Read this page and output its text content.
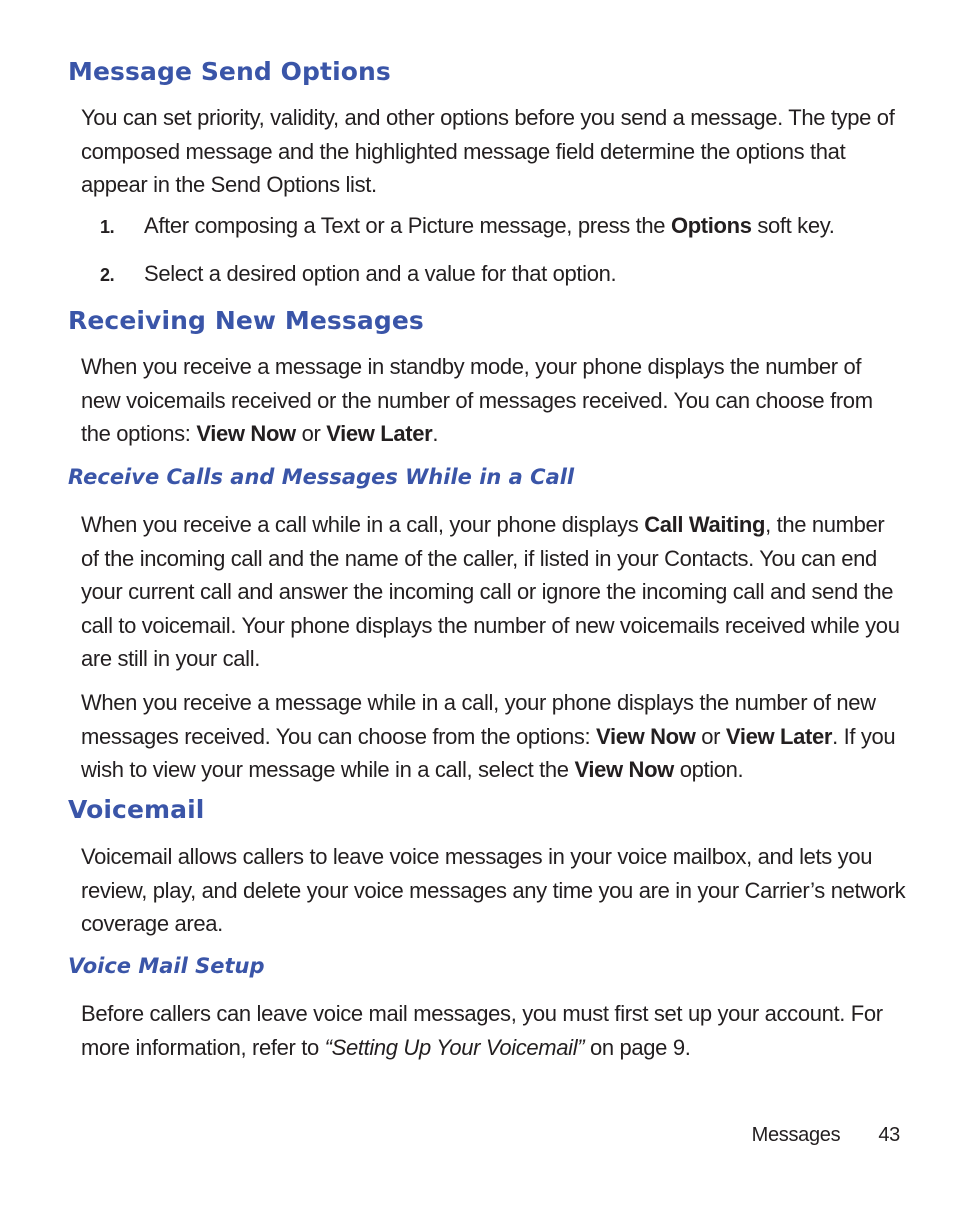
Message Send Options

You can set priority, validity, and other options before you send a message. The type of composed message and the highlighted message field determine the options that appear in the Send Options list.

1. After composing a Text or a Picture message, press the Options soft key.

2. Select a desired option and a value for that option.

Receiving New Messages

When you receive a message in standby mode, your phone displays the number of new voicemails received or the number of messages received. You can choose from the options: View Now or View Later.

Receive Calls and Messages While in a Call

When you receive a call while in a call, your phone displays Call Waiting, the number of the incoming call and the name of the caller, if listed in your Contacts. You can end your current call and answer the incoming call or ignore the incoming call and send the call to voicemail. Your phone displays the number of new voicemails received while you are still in your call.

When you receive a message while in a call, your phone displays the number of new messages received. You can choose from the options: View Now or View Later. If you wish to view your message while in a call, select the View Now option.

Voicemail

Voicemail allows callers to leave voice messages in your voice mailbox, and lets you review, play, and delete your voice messages any time you are in your Carrier’s network coverage area.

Voice Mail Setup

Before callers can leave voice mail messages, you must first set up your account. For more information, refer to “Setting Up Your Voicemail” on page 9.

Messages 43
